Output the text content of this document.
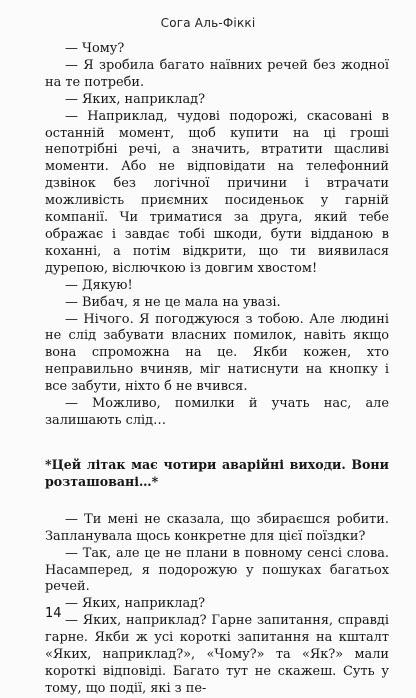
Сога Аль-Фіккі

— Чому?

— Я зробила багато наївних речей без жодної на те потреби.

— Яких, наприклад?

— Наприклад, чудові подорожі, скасовані в останній момент, щоб купити на ці гроші непотрібні речі, а значить, втратити щасливі моменти. Або не відповідати на телефонний дзвінок без логічної причини і втрачати можливість приємних посиденьок у гарній компанії. Чи триматися за друга, який тебе ображає і завдає тобі шкоди, бути відданою в коханні, а потім відкрити, що ти виявилася дурепою, віслючкою із довгим хвостом!

— Дякую!

— Вибач, я не це мала на увазі.

— Нічого. Я погоджуюся з тобою. Але людині не слід забувати власних помилок, навіть якщо вона спроможна на це. Якби кожен, хто неправильно вчиняв, міг натиснути на кнопку і все забути, ніхто б не вчився.

— Можливо, помилки й учать нас, але залишають слід…

*Цей літак має чотири аварійні виходи. Вони розташовані…*

— Ти мені не сказала, що збираєшся робити. Запланувала щось конкретне для цієї поїздки?

— Так, але це не плани в повному сенсі слова. Насамперед, я подорожую у пошуках багатьох речей.

— Яких, наприклад?

— Яких, наприклад? Гарне запитання, справді гарне. Якби ж усі короткі запитання на кшталт «Яких, наприклад?», «Чому?» та «Як?» мали короткі відповіді. Багато тут не скажеш. Суть у тому, що події, які з пе-

14
